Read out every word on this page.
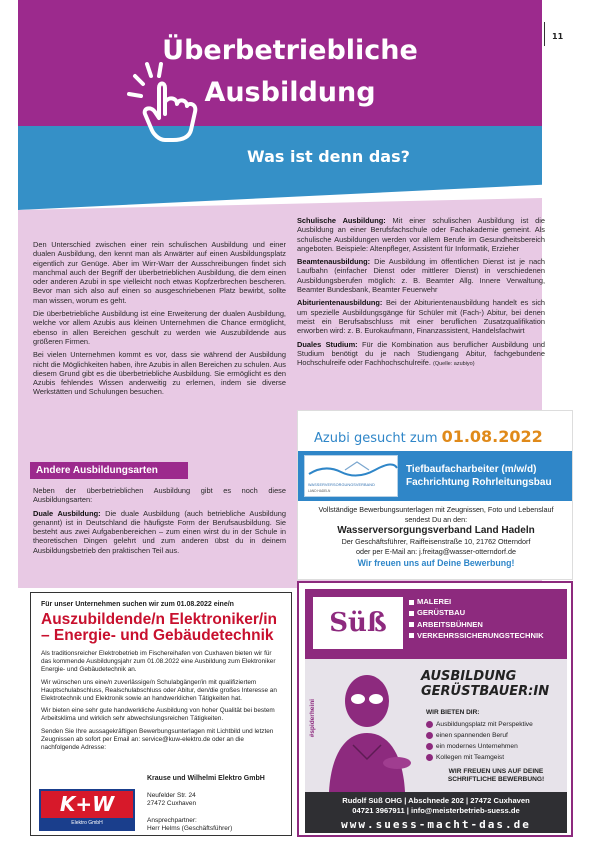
11
Überbetriebliche
Ausbildung
Was ist denn das?

Den Unterschied zwischen einer rein schulischen Ausbildung und einer dualen Ausbildung, den kennt man als Anwärter auf einen Ausbildungsplatz eigentlich zur Genüge. Aber im Wirr-Warr der Ausschreibungen findet sich manchmal auch der Begriff der überbetrieblichen Ausbildung, die dem einen oder anderen Azubi in spe vielleicht noch etwas Kopfzerbrechen bescheren. Bevor man sich also auf einen so ausgeschriebenen Platz bewirbt, sollte man wissen, worum es geht.

Die überbetriebliche Ausbildung ist eine Erweiterung der dualen Ausbildung, welche vor allem Azubis aus kleinen Unternehmen die Chance ermöglicht, ebenso in allen Bereichen geschult zu werden wie Auszubildende aus größeren Firmen.

Bei vielen Unternehmen kommt es vor, dass sie während der Ausbildung nicht die Möglichkeiten haben, ihre Azubis in allen Bereichen zu schulen. Aus diesem Grund gibt es die überbetriebliche Ausbildung. Sie ermöglicht es den Azubis fehlendes Wissen anderweitig zu erlernen, indem sie diverse Werkstätten und Schulungen besuchen.

Andere Ausbildungsarten

Neben der überbetrieblichen Ausbildung gibt es noch diese Ausbildungsarten:

Duale Ausbildung: Die duale Ausbildung (auch betriebliche Ausbildung genannt) ist in Deutschland die häufigste Form der Berufsausbildung. Sie besteht aus zwei Aufgabenbereichen – zum einen wirst du in der Schule in theoretischen Dingen gelehrt und zum anderen übst du in deinem Ausbildungsbetrieb den praktischen Teil aus.

Schulische Ausbildung: Mit einer schulischen Ausbildung ist die Ausbildung an einer Berufsfachschule oder Fachakademie gemeint. Als schulische Ausbildungen werden vor allem Berufe im Gesundheitsbereich angeboten. Beispiele: Altenpfleger, Assistent für Informatik, Erzieher

Beamtenausbildung: Die Ausbildung im öffentlichen Dienst ist je nach Laufbahn (einfacher Dienst oder mittlerer Dienst) in verschiedenen Ausbildungsberufen möglich: z. B. Beamter Allg. Innere Verwaltung, Beamter Bundesbank, Beamter Feuerwehr

Abiturientenausbildung: Bei der Abiturientenausbildung handelt es sich um spezielle Ausbildungsgänge für Schüler mit (Fach-) Abitur, bei denen meist ein Berufsabschluss mit einer beruflichen Zusatzqualifikation erworben wird: z. B. Eurokaufmann, Finanzassistent, Handelsfachwirt

Duales Studium: Für die Kombination aus beruflicher Ausbildung und Studium benötigt du je nach Studiengang Abitur, fachgebundene Hochschulreife oder Fachhochschulreife. (Quelle: azubiyo)

Azubi gesucht zum 01.08.2022
WASSERVERSORGUNGSVERBAND
LAND HADELN
Tiefbaufacharbeiter (m/w/d)
Fachrichtung Rohrleitungsbau
Vollständige Bewerbungsunterlagen mit Zeugnissen, Foto und Lebenslauf sendest Du an den:
Wasserversorgungsverband Land Hadeln
Der Geschäftsführer, Raiffeisenstraße 10, 21762 Otterndorf
oder per E-Mail an: j.freitag@wasser-otterndorf.de
Wir freuen uns auf Deine Bewerbung!
Für unser Unternehmen suchen wir zum 01.08.2022 eine/n
Auszubildende/n Elektroniker/in – Energie- und Gebäudetechnik

Als traditionsreicher Elektrobetrieb im Fischereihafen von Cuxhaven bieten wir für das kommende Ausbildungsjahr zum 01.08.2022 eine Ausbildung zum Elektroniker Energie- und Gebäudetechnik an.

Wir wünschen uns eine/n zuverlässige/n Schulabgänger/in mit qualifiziertem Hauptschulabschluss, Realschulabschluss oder Abitur, den/die großes Interesse an Elektrotechnik und Elektronik sowie an handwerklichen Tätigkeiten hat.

Wir bieten eine sehr gute handwerkliche Ausbildung von hoher Qualität bei bestem Arbeitsklima und wirklich sehr abwechslungsreichen Tätigkeiten.

Senden Sie Ihre aussagekräftigen Bewerbungsunterlagen mit Lichtbild und letzten Zeugnissen ab sofort per Email an: service@kuw-elektro.de oder an die nachfolgende Adresse:

K+W
Elektro GmbH
Krause und Wilhelmi Elektro GmbH

Neufelder Str. 24
27472 Cuxhaven

Ansprechpartner:
Herr Helms (Geschäftsführer)
Süß
MALEREI
GERÜSTBAU
ARBEITSBÜHNEN
VERKEHRSSICHERUNGSTECHNIK
#spiderheini
AUSBILDUNG
GERÜSTBAUER:IN
WIR BIETEN DIR:
Ausbildungsplatz mit Perspektive
einen spannenden Beruf
ein modernes Unternehmen
Kollegen mit Teamgeist
WIR FREUEN UNS AUF DEINE
SCHRIFTLICHE BEWERBUNG!
Rudolf Süß OHG | Abschnede 202 | 27472 Cuxhaven
04721 3967911 | info@meisterbetrieb-suess.de
www.suess-macht-das.de
